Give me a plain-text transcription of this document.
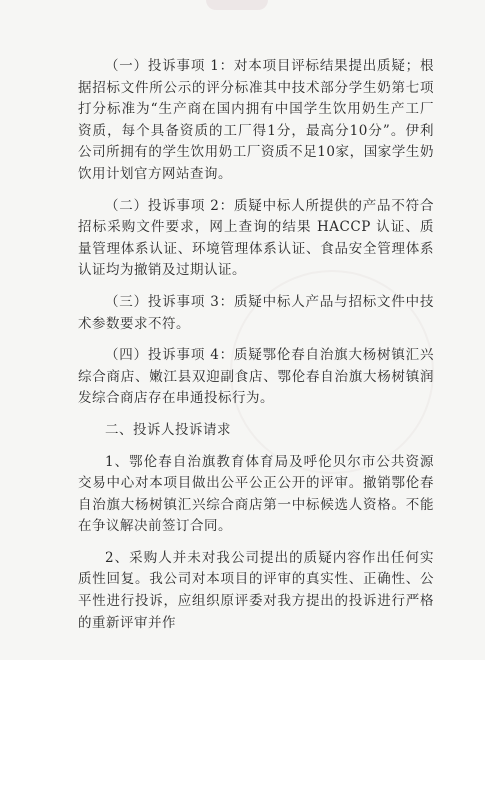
（一）投诉事项 1：对本项目评标结果提出质疑；根据招标文件所公示的评分标准其中技术部分学生奶第七项打分标准为“生产商在国内拥有中国学生饮用奶生产工厂资质，每个具备资质的工厂得1分，最高分10分”。伊利公司所拥有的学生饮用奶工厂资质不足10家，国家学生奶饮用计划官方网站查询。

（二）投诉事项 2：质疑中标人所提供的产品不符合招标采购文件要求，网上查询的结果 HACCP 认证、质量管理体系认证、环境管理体系认证、食品安全管理体系认证均为撤销及过期认证。

（三）投诉事项 3：质疑中标人产品与招标文件中技术参数要求不符。

（四）投诉事项 4：质疑鄂伦春自治旗大杨树镇汇兴综合商店、嫩江县双迎副食店、鄂伦春自治旗大杨树镇润发综合商店存在串通投标行为。

二、投诉人投诉请求

1、鄂伦春自治旗教育体育局及呼伦贝尔市公共资源交易中心对本项目做出公平公正公开的评审。撤销鄂伦春自治旗大杨树镇汇兴综合商店第一中标候选人资格。不能在争议解决前签订合同。

2、采购人并未对我公司提出的质疑内容作出任何实质性回复。我公司对本项目的评审的真实性、正确性、公平性进行投诉，应组织原评委对我方提出的投诉进行严格的重新评审并作
